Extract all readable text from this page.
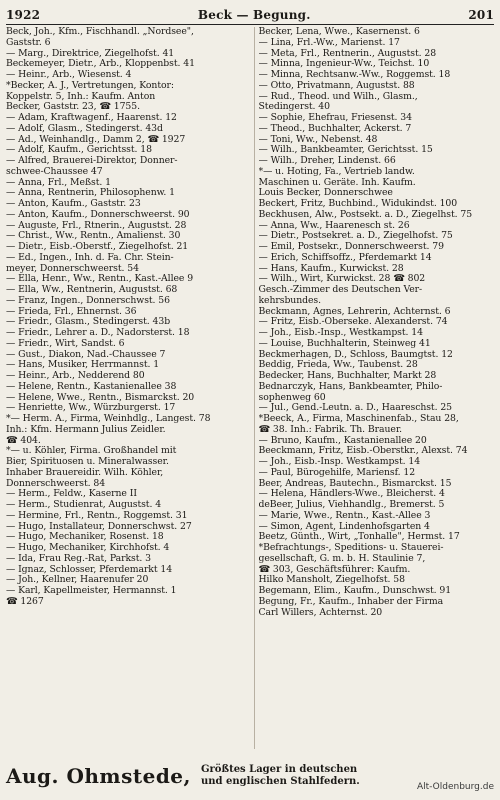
1922	Beck — Begung.	201
Beck, Joh., Kfm., Fischhandl. „Nordsee",
Gaststr. 6
— Marg., Direktrice, Ziegelhofst. 41
Beckemeyer, Dietr., Arb., Kloppenbst. 41
— Heinr., Arb., Wiesenst. 4
*Becker, A. J., Vertretungen, Kontor:
Koppelstr. 5, Inh.: Kaufm. Anton
Becker, Gaststr. 23, ☎ 1755.
— Adam, Kraftwagenf., Haarenst. 12
— Adolf, Glasm., Stedingerst. 43d
— Ad., Weinhandlg., Damm 2, ☎ 1927
— Adolf, Kaufm., Gerichtsst. 18
— Alfred, Brauerei-Direktor, Donner-
schwee-Chaussee 47
— Anna, Frl., Meßst. 1
— Anna, Rentnerin, Philosophenw. 1
— Anton, Kaufm., Gaststr. 23
— Anton, Kaufm., Donnerschweerst. 90
— Auguste, Frl., Rtnerin., Augustst. 28
— Christ., Ww., Rentn., Amalienst. 30
— Dietr., Eisb.-Oberstf., Ziegelhofst. 21
— Ed., Ingen., Inh. d. Fa. Chr. Stein-
meyer, Donnerschweerst. 54
— Ella, Henr., Ww., Rentn., Kast.-Allee 9
— Ella, Ww., Rentnerin, Augustst. 68
— Franz, Ingen., Donnerschwst. 56
— Frieda, Frl., Ehnernst. 36
— Friedr., Glasm., Stedingerst. 43b
— Friedr., Lehrer a. D., Nadorsterst. 18
— Friedr., Wirt, Sandst. 6
— Gust., Diakon, Nad.-Chaussee 7
— Hans, Musiker, Herrmannst. 1
— Heinr., Arb., Nedderend 80
— Helene, Rentn., Kastanienallee 38
— Helene, Wwe., Rentn., Bismarckst. 20
— Henriette, Ww., Würzburgerst. 17
*— Herm. A., Firma, Weinhdlg., Langest. 78
Inh.: Kfm. Hermann Julius Zeidler.
☎ 404.
*— u. Köhler, Firma. Großhandel mit
Bier, Spirituosen u. Mineralwasser.
Inhaber Brauereidir. Wilh. Köhler,
Donnerschweerst. 84
— Herm., Feldw., Kaserne II
— Herm., Studienrat, Augustst. 4
— Hermine, Frl., Rentn., Roggemst. 31
— Hugo, Installateur, Donnerschwst. 27
— Hugo, Mechaniker, Rosenst. 18
— Hugo, Mechaniker, Kirchhofst. 4
— Ida, Frau Reg.-Rat, Parkst. 3
— Ignaz, Schlosser, Pferdemarkt 14
— Joh., Kellner, Haarenufer 20
— Karl, Kapellmeister, Hermannst. 1
☎ 1267
Becker, Lena, Wwe., Kasernenst. 6
— Lina, Frl.-Ww., Marienst. 17
— Meta, Frl., Rentnerin., Augustst. 28
— Minna, Ingenieur-Ww., Teichst. 10
— Minna, Rechtsanw.-Ww., Roggemst. 18
— Otto, Privatmann, Augustst. 88
— Rud., Theod. und Wilh., Glasm.,
Stedingerst. 40
— Sophie, Ehefrau, Friesenst. 34
— Theod., Buchhalter, Ackerst. 7
— Toni, Ww., Nebenst. 48
— Wilh., Bankbeamter, Gerichtsst. 15
— Wilh., Dreher, Lindenst. 66
*— u. Hoting, Fa., Vertrieb landw.
Maschinen u. Geräte. Inh. Kaufm.
Louis Becker, Donnerschwee
Beckert, Fritz, Buchbind., Widukindst. 100
Beckhusen, Alw., Postsekt. a. D., Ziegelhst. 75
— Anna, Ww., Haarenesch st. 26
— Dietr., Postsekret. a. D., Ziegelhofst. 75
— Emil, Postsekr., Donnerschweerst. 79
— Erich, Schiffsoffz., Pferdemarkt 14
— Hans, Kaufm., Kurwickst. 28
— Wilh., Wirt, Kurwickst. 28 ☎ 802
Gesch.-Zimmer des Deutschen Ver-
kehrsbundes.
Beckmann, Agnes, Lehrerin, Achternst. 6
— Fritz, Eisb.-Oberseke. Alexanderst. 74
— Joh., Eisb.-Insp., Westkampst. 14
— Louise, Buchhalterin, Steinweg 41
Beckmerhagen, D., Schloss, Baumgtst. 12
Beddig, Frieda, Ww., Taubenst. 28
Bedecker, Hans, Buchhalter, Markt 28
Bednarczyk, Hans, Bankbeamter, Philo-
sophenweg 60
— Jul., Gend.-Leutn. a. D., Haareschst. 25
*Beeck, A., Firma, Maschinenfab., Stau 28,
☎ 38. Inh.: Fabrik. Th. Brauer.
— Bruno, Kaufm., Kastanienallee 20
Beeckmann, Fritz, Eisb.-Oberstkr., Alexst. 74
— Joh., Eisb.-Insp. Westkampst. 14
— Paul, Bürogehilfe, Mariensf. 12
Beer, Andreas, Bautechn., Bismarckst. 15
— Helena, Händlers-Wwe., Bleicherst. 4
deBeer, Julius, Viehhandlg., Bremerst. 5
— Marie, Wwe., Rentn., Kast.-Allee 3
— Simon, Agent, Lindenhofsgarten 4
Beetz, Günth., Wirt, „Tonhalle", Hermst. 17
*Befrachtungs-, Speditions- u. Stauerei-
gesellschaft, G. m. b. H. Staulinie 7,
☎ 303, Geschäftsführer: Kaufm.
Hilko Mansholt, Ziegelhofst. 58
Begemann, Elim., Kaufm., Dunschwst. 91
Begung, Fr., Kaufm., Inhaber der Firma
Carl Willers, Achternst. 20
Aug. Ohmstede, Größtes Lager in deutschen
und englischen Stahlfedern.	Alt-Oldenburg.de
